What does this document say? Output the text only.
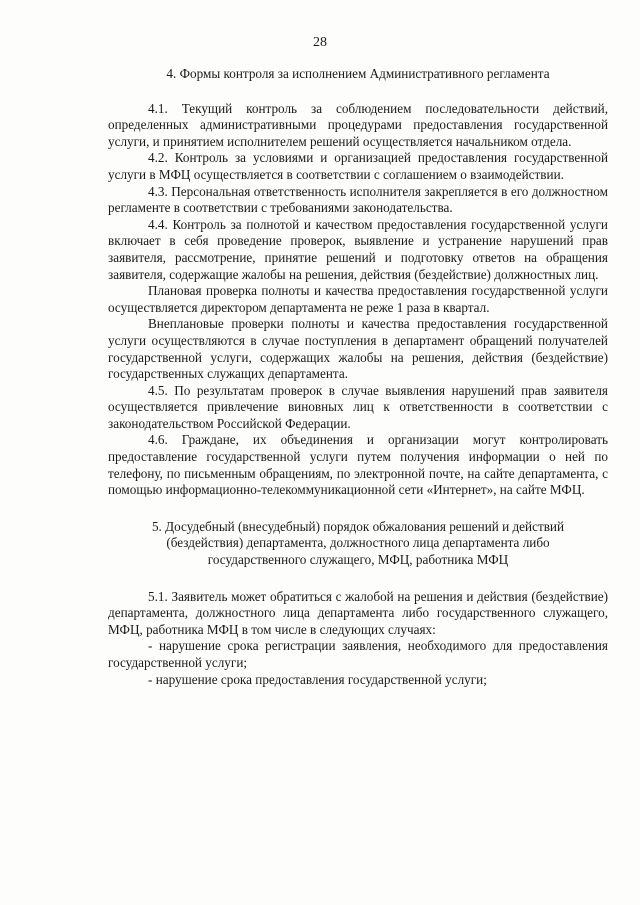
28

4. Формы контроля за исполнением Административного регламента

4.1. Текущий контроль за соблюдением последовательности действий, определенных административными процедурами предоставления государственной услуги, и принятием исполнителем решений осуществляется начальником отдела.

4.2. Контроль за условиями и организацией предоставления государственной услуги в МФЦ осуществляется в соответствии с соглашением о взаимодействии.

4.3. Персональная ответственность исполнителя закрепляется в его должностном регламенте в соответствии с требованиями законодательства.

4.4. Контроль за полнотой и качеством предоставления государственной услуги включает в себя проведение проверок, выявление и устранение нарушений прав заявителя, рассмотрение, принятие решений и подготовку ответов на обращения заявителя, содержащие жалобы на решения, действия (бездействие) должностных лиц.

Плановая проверка полноты и качества предоставления государственной услуги осуществляется директором департамента не реже 1 раза в квартал.

Внеплановые проверки полноты и качества предоставления государственной услуги осуществляются в случае поступления в департамент обращений получателей государственной услуги, содержащих жалобы на решения, действия (бездействие) государственных служащих департамента.

4.5. По результатам проверок в случае выявления нарушений прав заявителя осуществляется привлечение виновных лиц к ответственности в соответствии с законодательством Российской Федерации.

4.6. Граждане, их объединения и организации могут контролировать предоставление государственной услуги путем получения информации о ней по телефону, по письменным обращениям, по электронной почте, на сайте департамента, с помощью информационно-телекоммуникационной сети «Интернет», на сайте МФЦ.

5. Досудебный (внесудебный) порядок обжалования решений и действий
(бездействия) департамента, должностного лица департамента либо
государственного служащего, МФЦ, работника МФЦ

5.1. Заявитель может обратиться с жалобой на решения и действия (бездействие) департамента, должностного лица департамента либо государственного служащего, МФЦ, работника МФЦ в том числе в следующих случаях:

- нарушение срока регистрации заявления, необходимого для предоставления государственной услуги;

- нарушение срока предоставления государственной услуги;
